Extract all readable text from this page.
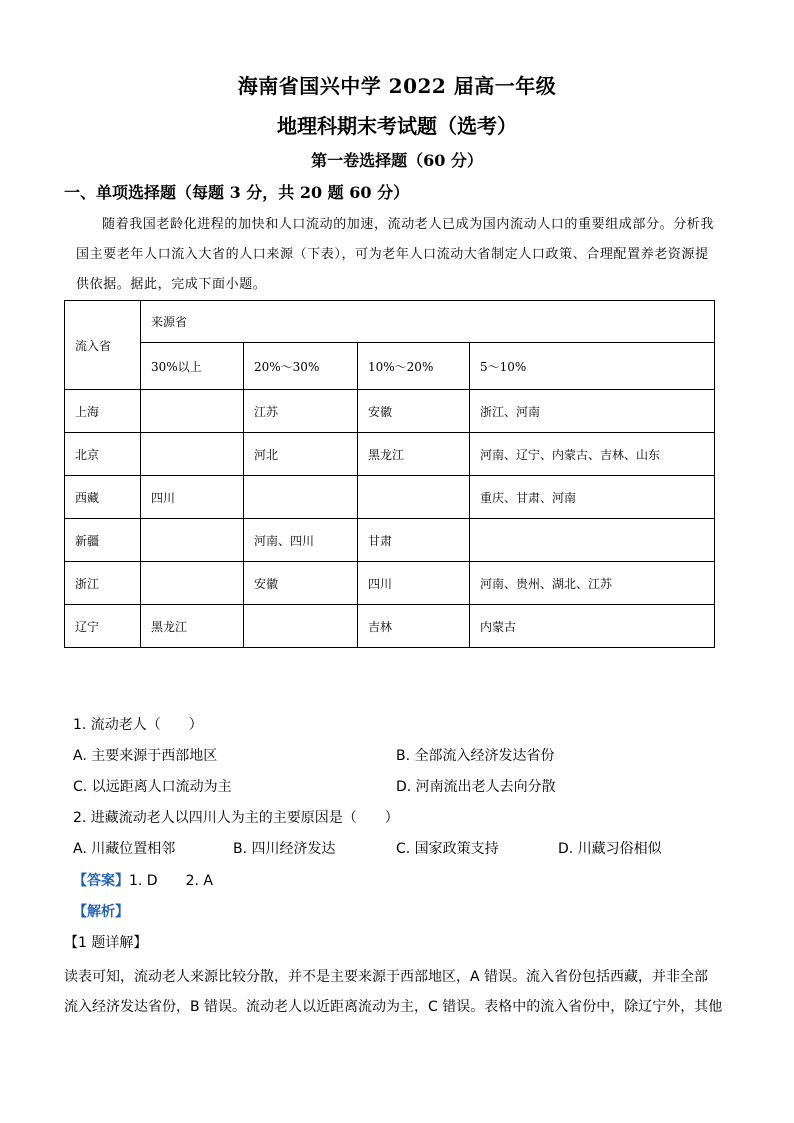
海南省国兴中学 2022 届高一年级
地理科期末考试题（选考）
第一卷选择题（60 分）
一、单项选择题（每题 3 分，共 20 题 60 分）

随着我国老龄化进程的加快和人口流动的加速，流动老人已成为国内流动人口的重要组成部分。分析我国主要老年人口流入大省的人口来源（下表），可为老年人口流动大省制定人口政策、合理配置养老资源提供依据。据此，完成下面小题。

流入省	来源省			
	30%以上	20%～30%	10%～20%	5～10%
上海		江苏	安徽	浙江、河南
北京		河北	黑龙江	河南、辽宁、内蒙古、吉林、山东
西藏	四川			重庆、甘肃、河南
新疆		河南、四川	甘肃	
浙江		安徽	四川	河南、贵州、湖北、江苏
辽宁	黑龙江		吉林	内蒙古
1. 流动老人（　　）
A. 主要来源于西部地区	B. 全部流入经济发达省份
C. 以远距离人口流动为主	D. 河南流出老人去向分散
2. 进藏流动老人以四川人为主的主要原因是（　　）
A. 川藏位置相邻	B. 四川经济发达	C. 国家政策支持	D. 川藏习俗相似
【答案】1. D　　2. A
【解析】
【1 题详解】

读表可知，流动老人来源比较分散，并不是主要来源于西部地区，A 错误。流入省份包括西藏，并非全部

流入经济发达省份，B 错误。流动老人以近距离流动为主，C 错误。表格中的流入省份中，除辽宁外，其他
